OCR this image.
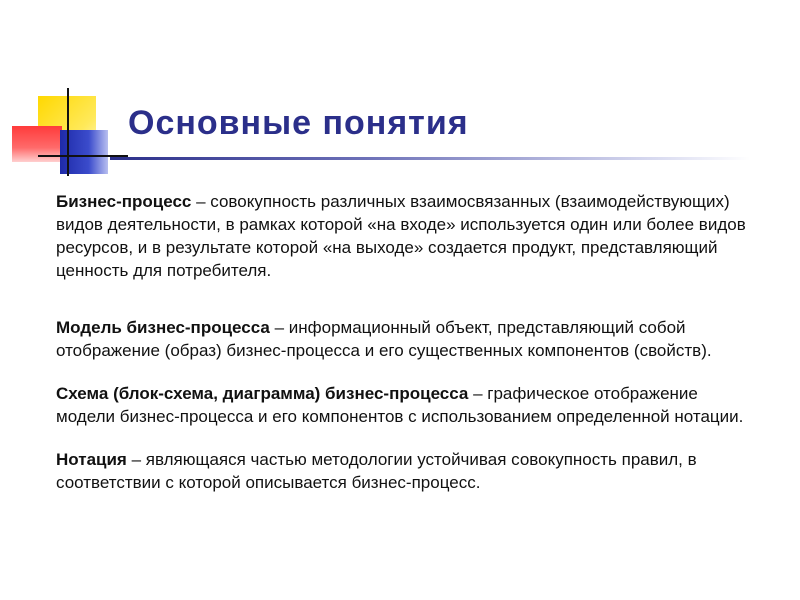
Основные понятия

Бизнес-процесс – совокупность различных взаимосвязанных (взаимодействующих) видов деятельности, в рамках которой «на входе» используется один или более видов ресурсов, и в результате которой «на выходе» создается продукт, представляющий ценность для потребителя.

Модель бизнес-процесса – информационный объект, представляющий собой отображение (образ) бизнес-процесса и его существенных компонентов (свойств).

Схема (блок-схема, диаграмма) бизнес-процесса – графическое отображение модели бизнес-процесса и его компонентов с использованием определенной нотации.

Нотация – являющаяся частью методологии устойчивая совокупность правил, в соответствии с которой описывается бизнес-процесс.
